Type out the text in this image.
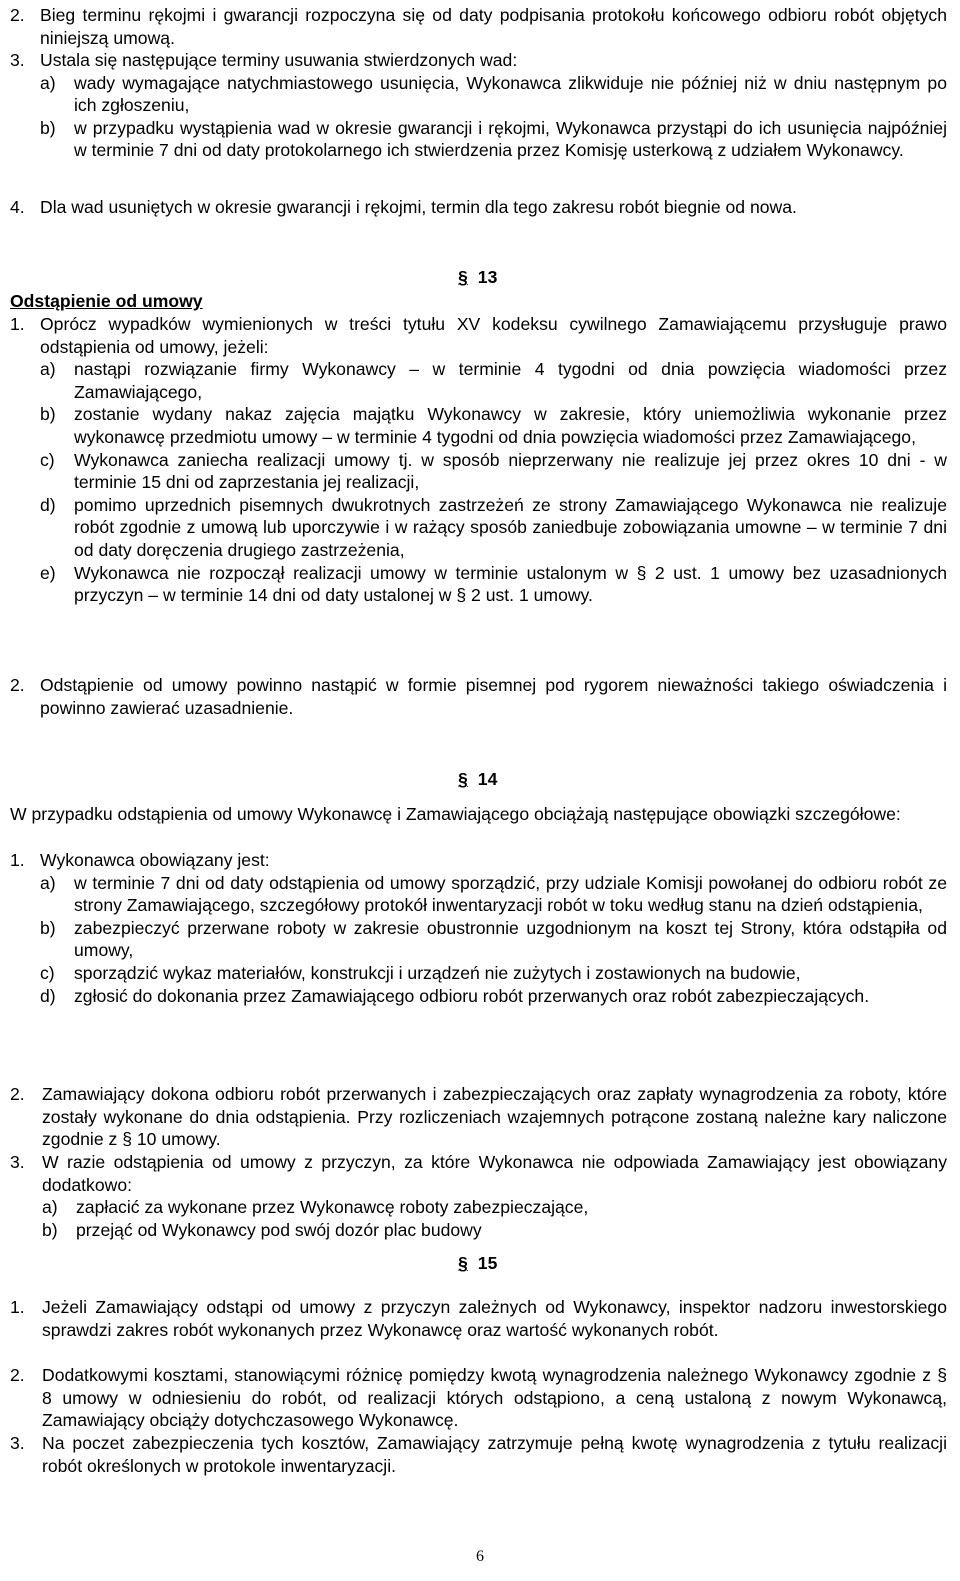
2. Bieg terminu rękojmi i gwarancji rozpoczyna się od daty podpisania protokołu końcowego odbioru robót objętych niniejszą umową.
3. Ustala się następujące terminy usuwania stwierdzonych wad:
a) wady wymagające natychmiastowego usunięcia, Wykonawca zlikwiduje nie później niż w dniu następnym po ich zgłoszeniu,
b) w przypadku wystąpienia wad w okresie gwarancji i rękojmi, Wykonawca przystąpi do ich usunięcia najpóźniej w terminie 7 dni od daty protokolarnego ich stwierdzenia przez Komisję usterkową z udziałem Wykonawcy.
4. Dla wad usuniętych w okresie gwarancji i rękojmi, termin dla tego zakresu robót biegnie od nowa.
§ 13
Odstąpienie od umowy
1. Oprócz wypadków wymienionych w treści tytułu XV kodeksu cywilnego Zamawiającemu przysługuje prawo odstąpienia od umowy, jeżeli:
a) nastąpi rozwiązanie firmy Wykonawcy – w terminie 4 tygodni od dnia powzięcia wiadomości przez Zamawiającego,
b) zostanie wydany nakaz zajęcia majątku Wykonawcy w zakresie, który uniemożliwia wykonanie przez wykonawcę przedmiotu umowy – w terminie 4 tygodni od dnia powzięcia wiadomości przez Zamawiającego,
c) Wykonawca zaniecha realizacji umowy tj. w sposób nieprzerwany nie realizuje jej przez okres 10 dni - w terminie 15 dni od zaprzestania jej realizacji,
d) pomimo uprzednich pisemnych dwukrotnych zastrzeżeń ze strony Zamawiającego Wykonawca nie realizuje robót zgodnie z umową lub uporczywie i w rażący sposób zaniedbuje zobowiązania umowne – w terminie 7 dni od daty doręczenia drugiego zastrzeżenia,
e) Wykonawca nie rozpoczął realizacji umowy w terminie ustalonym w § 2 ust. 1 umowy bez uzasadnionych przyczyn – w terminie 14 dni od daty ustalonej w § 2 ust. 1 umowy.
2. Odstąpienie od umowy powinno nastąpić w formie pisemnej pod rygorem nieważności takiego oświadczenia i powinno zawierać uzasadnienie.
§ 14
W przypadku odstąpienia od umowy Wykonawcę i Zamawiającego obciążają następujące obowiązki szczegółowe:
1. Wykonawca obowiązany jest:
a) w terminie 7 dni od daty odstąpienia od umowy sporządzić, przy udziale Komisji powołanej do odbioru robót ze strony Zamawiającego, szczegółowy protokół inwentaryzacji robót w toku według stanu na dzień odstąpienia,
b) zabezpieczyć przerwane roboty w zakresie obustronnie uzgodnionym na koszt tej Strony, która odstąpiła od umowy,
c) sporządzić wykaz materiałów, konstrukcji i urządzeń nie zużytych i zostawionych na budowie,
d) zgłosić do dokonania przez Zamawiającego odbioru robót przerwanych oraz robót zabezpieczających.
2. Zamawiający dokona odbioru robót przerwanych i zabezpieczających oraz zapłaty wynagrodzenia za roboty, które zostały wykonane do dnia odstąpienia. Przy rozliczeniach wzajemnych potrącone zostaną należne kary naliczone zgodnie z § 10 umowy.
3. W razie odstąpienia od umowy z przyczyn, za które Wykonawca nie odpowiada Zamawiający jest obowiązany dodatkowo:
a) zapłacić za wykonane przez Wykonawcę roboty zabezpieczające,
b) przejąć od Wykonawcy pod swój dozór plac budowy
§ 15
1. Jeżeli Zamawiający odstąpi od umowy z przyczyn zależnych od Wykonawcy, inspektor nadzoru inwestorskiego sprawdzi zakres robót wykonanych przez Wykonawcę oraz wartość wykonanych robót.
2. Dodatkowymi kosztami, stanowiącymi różnicę pomiędzy kwotą wynagrodzenia należnego Wykonawcy zgodnie z § 8 umowy w odniesieniu do robót, od realizacji których odstąpiono, a ceną ustaloną z nowym Wykonawcą, Zamawiający obciąży dotychczasowego Wykonawcę.
3. Na poczet zabezpieczenia tych kosztów, Zamawiający zatrzymuje pełną kwotę wynagrodzenia z tytułu realizacji robót określonych w protokole inwentaryzacji.
6
